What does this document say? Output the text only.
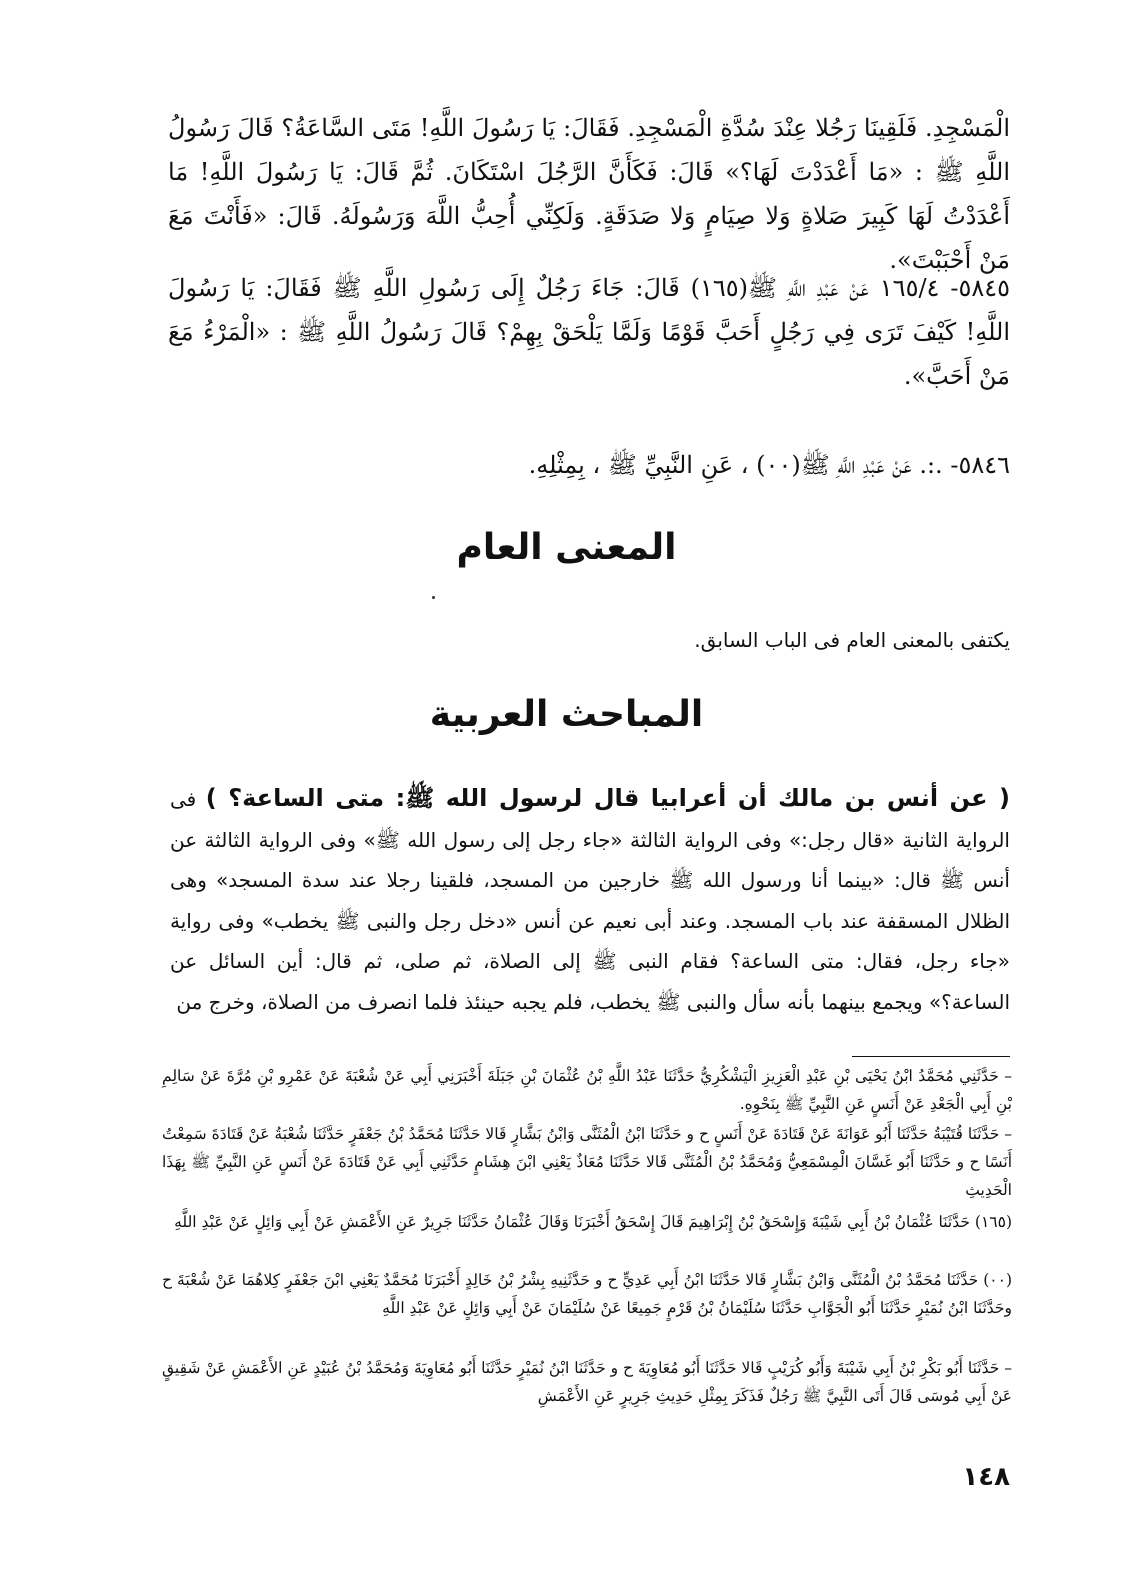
الْمَسْجِدِ. فَلَقِينَا رَجُلا عِنْدَ سُدَّةِ الْمَسْجِدِ. فَقَالَ: يَا رَسُولَ اللَّهِ! مَتَى السَّاعَةُ؟ قَالَ رَسُولُ اللَّهِ ﷺ : «مَا أَعْدَدْتَ لَهَا؟» قَالَ: فَكَأَنَّ الرَّجُلَ اسْتَكَانَ. ثُمَّ قَالَ: يَا رَسُولَ اللَّهِ! مَا أَعْدَدْتُ لَهَا كَبِيرَ صَلاةٍ وَلا صِيَامٍ وَلا صَدَقَةٍ. وَلَكِنِّي أُحِبُّ اللَّهَ وَرَسُولَهُ. قَالَ: «فَأَنْتَ مَعَ مَنْ أَحْبَبْتَ».

٥٨٤٥- ١٦٥/٤ عَنْ عَبْدِ اللَّهِ ﷺ(١٦٥) قَالَ: جَاءَ رَجُلٌ إِلَى رَسُولِ اللَّهِ ﷺ فَقَالَ: يَا رَسُولَ اللَّهِ! كَيْفَ تَرَى فِي رَجُلٍ أَحَبَّ قَوْمًا وَلَمَّا يَلْحَقْ بِهِمْ؟ قَالَ رَسُولُ اللَّهِ ﷺ : «الْمَرْءُ مَعَ مَنْ أَحَبَّ».

٥٨٤٦- .:. عَنْ عَبْدِ اللَّهِ ﷺ(٠٠) ، عَنِ النَّبِيِّ ﷺ ، بِمِثْلِهِ.

المعنى العام

يكتفى بالمعنى العام فى الباب السابق.

المباحث العربية

( عن أنس بن مالك أن أعرابيا قال لرسول الله ﷺ: متى الساعة؟ ) فى الرواية الثانية «قال رجل:» وفى الرواية الثالثة «جاء رجل إلى رسول الله ﷺ» وفى الرواية الثالثة عن أنس ﷺ قال: «بينما أنا ورسول الله ﷺ خارجين من المسجد، فلقينا رجلا عند سدة المسجد» وهى الظلال المسقفة عند باب المسجد. وعند أبى نعيم عن أنس «دخل رجل والنبى ﷺ يخطب» وفى رواية «جاء رجل، فقال: متى الساعة؟ فقام النبى ﷺ إلى الصلاة، ثم صلى، ثم قال: أين السائل عن الساعة؟» ويجمع بينهما بأنه سأل والنبى ﷺ يخطب، فلم يجبه حينئذ فلما انصرف من الصلاة، وخرج من

– حَدَّثَنِي مُحَمَّدُ ابْنُ يَحْيَى بْنِ عَبْدِ الْعَزِيزِ الْيَشْكُرِيُّ حَدَّثَنَا عَبْدُ اللَّهِ بْنُ عُثْمَانَ بْنِ جَبَلَةَ أَخْبَرَنِي أَبِي عَنْ شُعْبَةَ عَنْ عَمْرِو بْنِ مُرَّةَ عَنْ سَالِمِ بْنِ أَبِي الْجَعْدِ عَنْ أَنَسٍ عَنِ النَّبِيِّ ﷺ بِنَحْوِهِ.

– حَدَّثَنَا قُتَيْبَةُ حَدَّثَنَا أَبُو عَوَانَةَ عَنْ قَتَادَةَ عَنْ أَنَسٍ ح و حَدَّثَنَا ابْنُ الْمُثَنَّى وَابْنُ بَشَّارٍ قَالا حَدَّثَنَا مُحَمَّدُ بْنُ جَعْفَرٍ حَدَّثَنَا شُعْبَةُ عَنْ قَتَادَةَ سَمِعْتُ أَنَسًا ح و حَدَّثَنَا أَبُو غَسَّانَ الْمِسْمَعِيُّ وَمُحَمَّدُ بْنُ الْمُثَنَّى قَالا حَدَّثَنَا مُعَاذٌ يَعْنِي ابْنَ هِشَامٍ حَدَّثَنِي أَبِي عَنْ قَتَادَةَ عَنْ أَنَسٍ عَنِ النَّبِيِّ ﷺ بِهَذَا الْحَدِيثِ

(١٦٥) حَدَّثَنَا عُثْمَانُ بْنُ أَبِي شَيْبَةَ وَإِسْحَقُ بْنُ إِبْرَاهِيمَ قَالَ إِسْحَقُ أَخْبَرَنَا وَقَالَ عُثْمَانُ حَدَّثَنَا جَرِيرٌ عَنِ الأَعْمَشِ عَنْ أَبِي وَائِلٍ عَنْ عَبْدِ اللَّهِ

(٠٠) حَدَّثَنَا مُحَمَّدُ بْنُ الْمُثَنَّى وَابْنُ بَشَّارٍ قَالا حَدَّثَنَا ابْنُ أَبِي عَدِيٍّ ح و حَدَّثَنِيهِ بِشْرُ بْنُ خَالِدٍ أَخْبَرَنَا مُحَمَّدٌ يَعْنِي ابْنَ جَعْفَرٍ كِلاهُمَا عَنْ شُعْبَةَ ح وحَدَّثَنَا ابْنُ نُمَيْرٍ حَدَّثَنَا أَبُو الْجَوَّابِ حَدَّثَنَا سُلَيْمَانُ بْنُ قَرْمٍ جَمِيعًا عَنْ سُلَيْمَانَ عَنْ أَبِي وَائِلٍ عَنْ عَبْدِ اللَّهِ

– حَدَّثَنَا أَبُو بَكْرِ بْنُ أَبِي شَيْبَةَ وَأَبُو كُرَيْبٍ قَالا حَدَّثَنَا أَبُو مُعَاوِيَةَ ح و حَدَّثَنَا ابْنُ نُمَيْرٍ حَدَّثَنَا أَبُو مُعَاوِيَةَ وَمُحَمَّدُ بْنُ عُبَيْدٍ عَنِ الأَعْمَشِ عَنْ شَقِيقٍ عَنْ أَبِي مُوسَى قَالَ أَتَى النَّبِيَّ ﷺ رَجُلٌ فَذَكَرَ بِمِثْلِ حَدِيثِ جَرِيرٍ عَنِ الأَعْمَشِ

١٤٨
